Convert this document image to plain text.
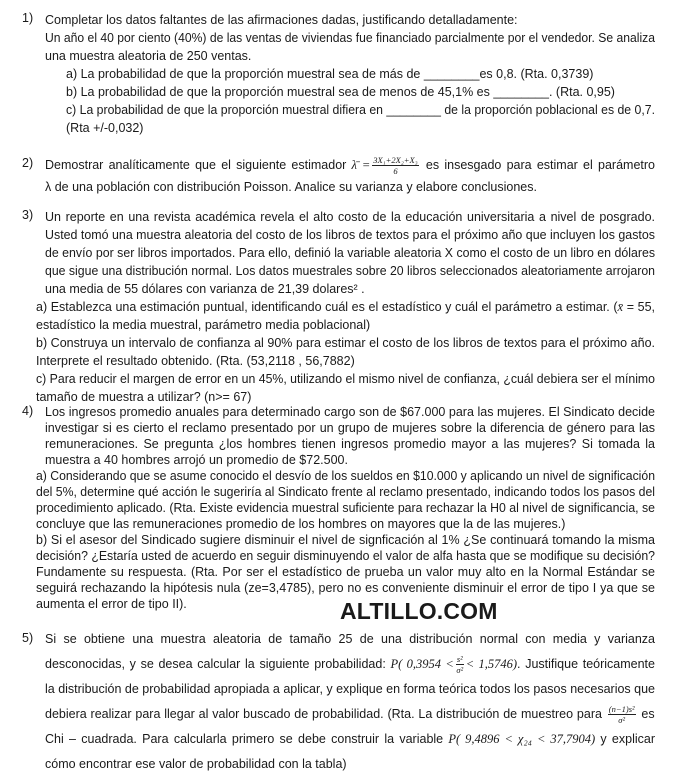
1) Completar los datos faltantes de las afirmaciones dadas, justificando detalladamente:
Un año el 40 por ciento (40%) de las ventas de viviendas fue financiado parcialmente por el vendedor. Se analiza
una muestra aleatoria de 250 ventas.
a) La probabilidad de que la proporción muestral sea de más de ________es 0,8. (Rta. 0,3739)
b) La probabilidad de que la proporción muestral sea de menos de 45,1% es ________. (Rta. 0,95)
c) La probabilidad de que la proporción muestral difiera en ________ de la proporción poblacional es de 0,7.
(Rta +/-0,032)
2) Demostrar analíticamente que el siguiente estimador λ̄ = $\frac{\text{3X₁+2X₂+X₃}}{6}$ es insesgado para estimar el parámetro
λ de una población con distribución Poisson. Analice su varianza y elabore conclusiones.
3) Un reporte en una revista académica revela el alto costo de la educación universitaria a nivel de posgrado.
Usted tomó una muestra aleatoria del costo de los libros de textos para el próximo año que incluyen los gastos
de envío por ser libros importados. Para ello, definió la variable aleatoria X como el costo de un libro en dólares
que sigue una distribución normal. Los datos muestrales sobre 20 libros seleccionados aleatoriamente arrojaron
una media de 55 dólares con varianza de 21,39 dolares² .
a) Establezca una estimación puntual, identificando cuál es el estadístico y cuál el parámetro a estimar. (x̄ = 55,
estadístico la media muestral, parámetro media poblacional)
b) Construya un intervalo de confianza al 90% para estimar el costo de los libros de textos para el próximo año.
Interprete el resultado obtenido. (Rta. (53,2118 , 56,7882)
c) Para reducir el margen de error en un 45%, utilizando el mismo nivel de confianza, ¿cuál debiera ser el mínimo
tamaño de muestra a utilizar? (n>= 67)
4) Los ingresos promedio anuales para determinado cargo son de $67.000 para las mujeres. El Sindicato decide
investigar si es cierto el reclamo presentado por un grupo de mujeres sobre la diferencia de género para las
remuneraciones. Se pregunta ¿los hombres tienen ingresos promedio mayor a las mujeres? Si tomada la
muestra a 40 hombres arrojó un promedio de $72.500.
a) Considerando que se asume conocido el desvío de los sueldos en $10.000 y aplicando un nivel de significación
del 5%, determine qué acción le sugeriría al Sindicato frente al reclamo presentado, indicando todos los pasos del
procedimiento aplicado. (Rta. Existe evidencia muestral suficiente para rechazar la H0 al nivel de significancia, se
concluye que las remuneraciones promedio de los hombres on mayores que la de las mujeres.)
b) Si el asesor del Sindicado sugiere disminuir el nivel de signficación al 1% ¿Se continuará tomando la misma
decisión? ¿Estaría usted de acuerdo en seguir disminuyendo el valor de alfa hasta que se modifique su decisión?
Fundamente su respuesta. (Rta. Por ser el estadístico de prueba un valor muy alto en la Normal Estándar se
seguirá rechazando la hipótesis nula (ze=3,4785), pero no es conveniente disminuir el error de tipo I ya que se
aumenta el error de tipo II).
5) Si se obtiene una muestra aleatoria de tamaño 25 de una distribución normal con media y varianza
desconocidas, y se desea calcular la siguiente probabilidad: P( $0,3954 < \frac{\text{s²}}{\text{σ²}} < 1,5746$). Justifique teóricamente
la distribución de probabilidad apropiada a aplicar, y explique en forma teórica todos los pasos necesarios que
debiera realizar para llegar al valor buscado de probabilidad. (Rta. La distribución de muestreo para $\frac{\text{(n−1)s²}}{\text{σ²}}$ es
Chi – cuadrada. Para calcularla primero se debe construir la variable P( 9,4896 < χ₂₄ < 37,7904) y explicar
cómo encontrar ese valor de probabilidad con la tabla)
ALTILLO.COM
